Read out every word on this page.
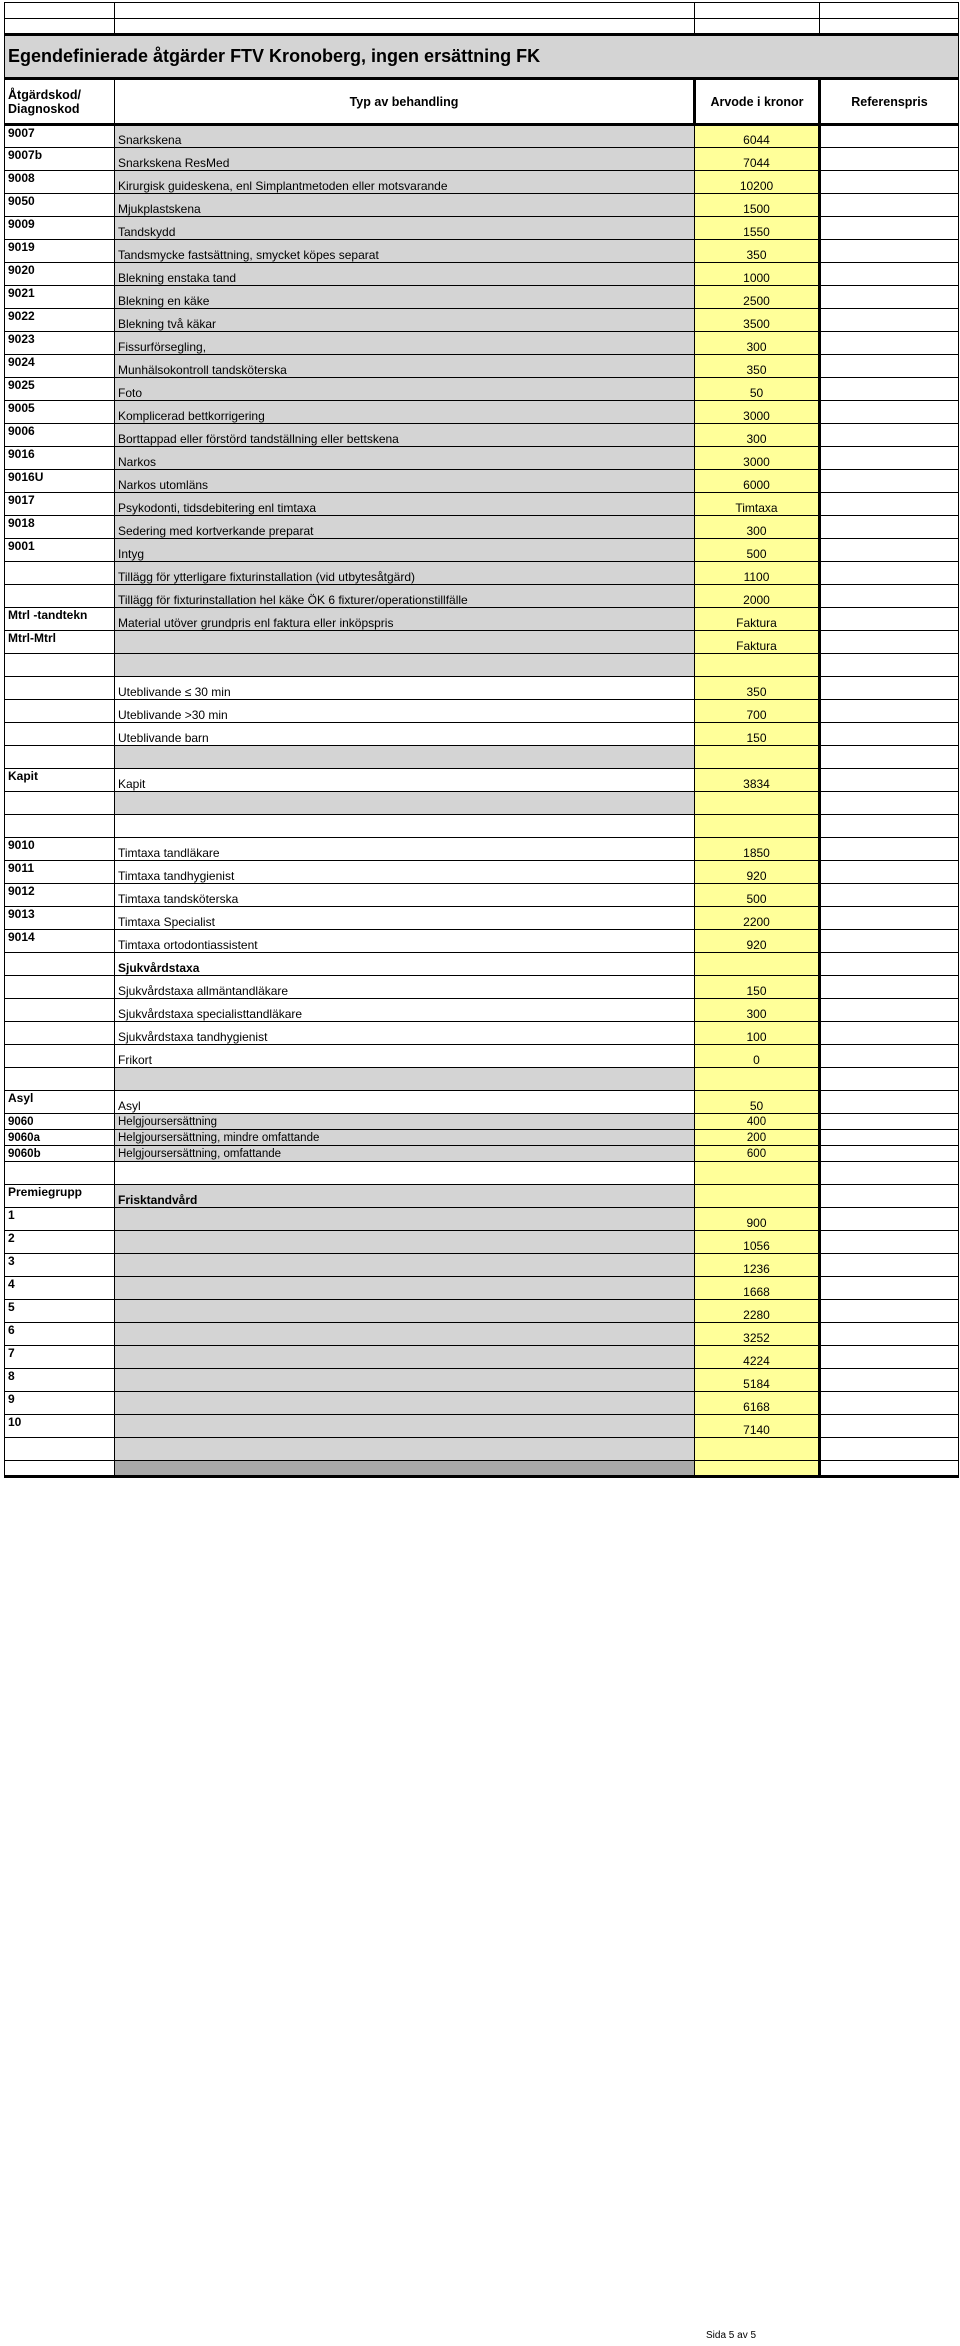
Egendefinierade åtgärder FTV Kronoberg, ingen ersättning FK			
Åtgärdskod/
Diagnoskod	Typ av behandling	Arvode i kronor	Referenspris
9007	Snarkskena	6044	
9007b	Snarkskena ResMed	7044	
9008	Kirurgisk guideskena, enl Simplantmetoden eller motsvarande	10200	
9050	Mjukplastskena	1500	
9009	Tandskydd	1550	
9019	Tandsmycke fastsättning, smycket köpes separat	350	
9020	Blekning enstaka tand	1000	
9021	Blekning en käke	2500	
9022	Blekning två käkar	3500	
9023	Fissurförsegling,	300	
9024	Munhälsokontroll tandsköterska	350	
9025	Foto	50	
9005	Komplicerad bettkorrigering	3000	
9006	Borttappad eller förstörd tandställning eller bettskena	300	
9016	Narkos	3000	
9016U	Narkos utomläns	6000	
9017	Psykodonti, tidsdebitering enl timtaxa	Timtaxa	
9018	Sedering med kortverkande preparat	300	
9001	Intyg	500	
	Tillägg för ytterligare fixturinstallation (vid utbytesåtgärd)	1100	
	Tillägg för fixturinstallation hel käke ÖK 6 fixturer/operationstillfälle	2000	
Mtrl -tandtekn	Material utöver grundpris enl faktura eller inköpspris	Faktura	
Mtrl-Mtrl		Faktura	

	Uteblivande ≤ 30 min	350	
	Uteblivande >30 min	700	
	Uteblivande barn	150	

Kapit	Kapit	3834	

9010	Timtaxa tandläkare	1850	
9011	Timtaxa tandhygienist	920	
9012	Timtaxa tandsköterska	500	
9013	Timtaxa Specialist	2200	
9014	Timtaxa ortodontiassistent	920	
	Sjukvårdstaxa		
	Sjukvårdstaxa allmäntandläkare	150	
	Sjukvårdstaxa specialisttandläkare	300	
	Sjukvårdstaxa tandhygienist	100	
	Frikort	0	

Asyl	Asyl	50	
9060	Helgjoursersättning	400	
9060a	Helgjoursersättning, mindre omfattande	200	
9060b	Helgjoursersättning, omfattande	600	

Premiegrupp	Frisktandvård		
1		900	
2		1056	
3		1236	
4		1668	
5		2280	
6		3252	
7		4224	
8		5184	
9		6168	
10		7140	

Sida 5 av 5
